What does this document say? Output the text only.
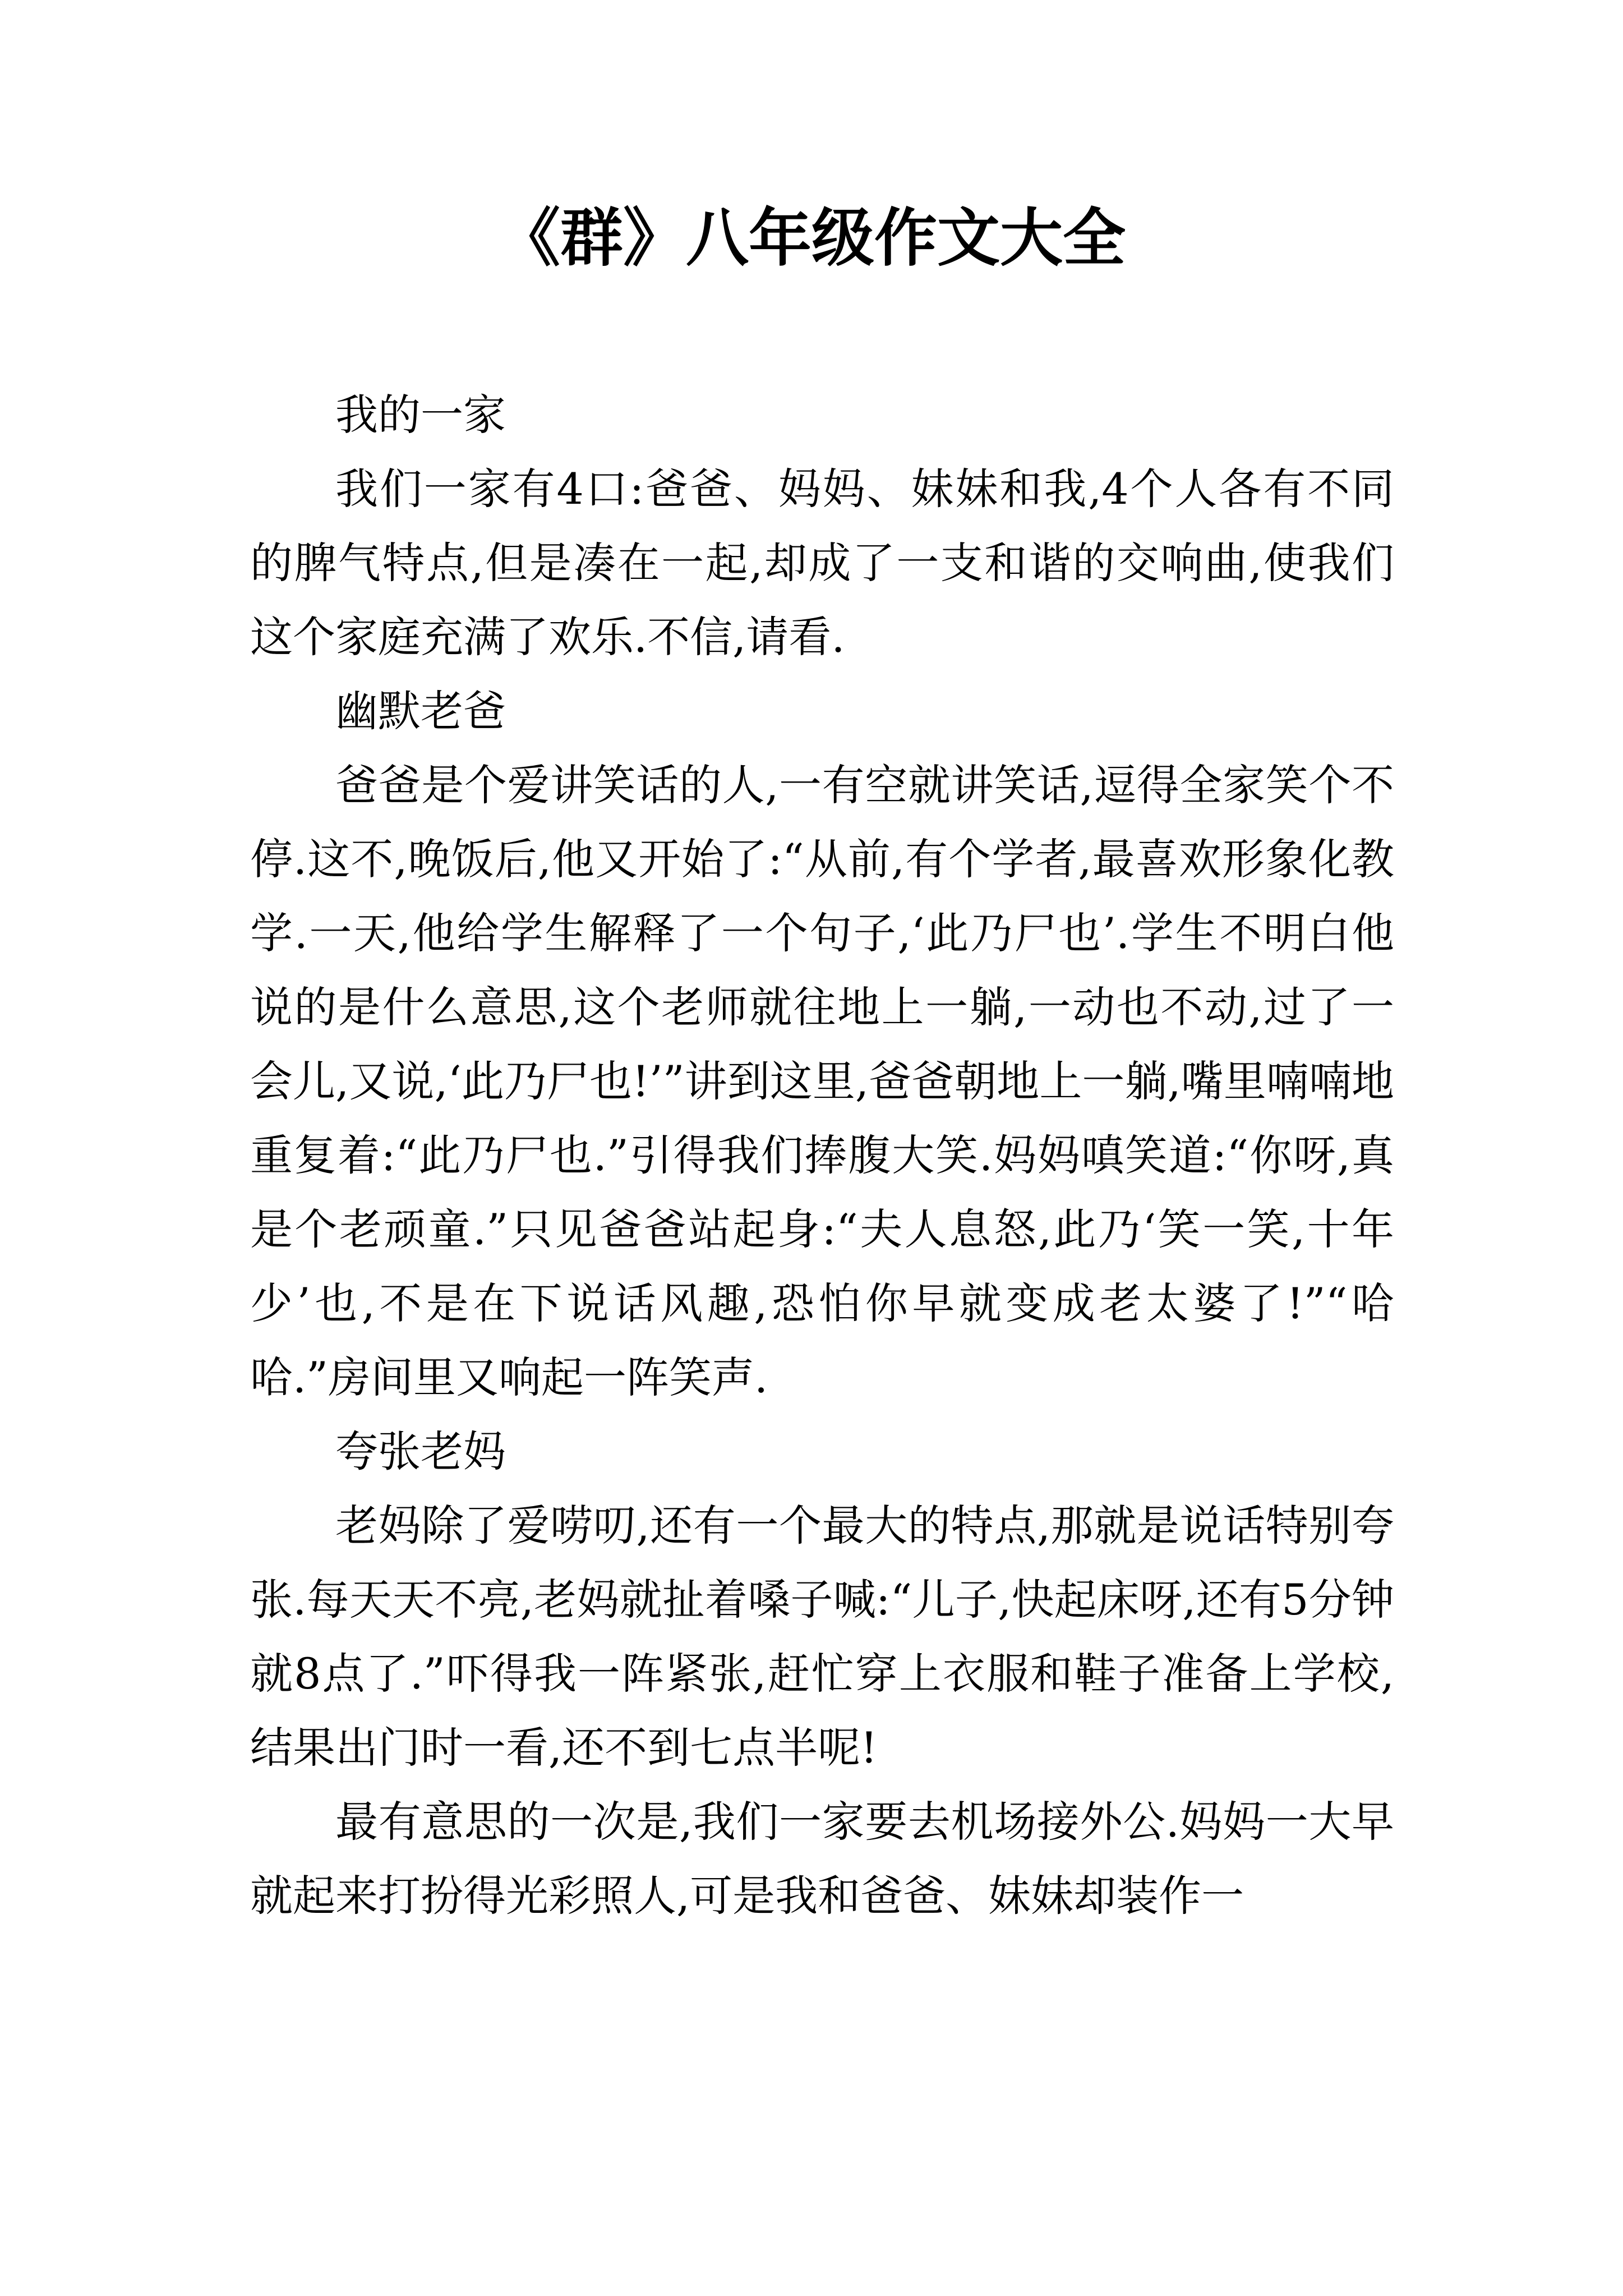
《群》八年级作文大全

我的一家

我们一家有4口:爸爸、妈妈、妹妹和我,4个人各有不同的脾气特点,但是凑在一起,却成了一支和谐的交响曲,使我们这个家庭充满了欢乐.不信,请看.

幽默老爸

爸爸是个爱讲笑话的人,一有空就讲笑话,逗得全家笑个不停.这不,晚饭后,他又开始了:“从前,有个学者,最喜欢形象化教学.一天,他给学生解释了一个句子,‘此乃尸也’.学生不明白他说的是什么意思,这个老师就往地上一躺,一动也不动,过了一会儿,又说,‘此乃尸也!’”讲到这里,爸爸朝地上一躺,嘴里喃喃地重复着:“此乃尸也.”引得我们捧腹大笑.妈妈嗔笑道:“你呀,真是个老顽童.”只见爸爸站起身:“夫人息怒,此乃‘笑一笑,十年少’也,不是在下说话风趣,恐怕你早就变成老太婆了!”“哈哈.”房间里又响起一阵笑声.

夸张老妈

老妈除了爱唠叨,还有一个最大的特点,那就是说话特别夸张.每天天不亮,老妈就扯着嗓子喊:“儿子,快起床呀,还有5分钟就8点了.”吓得我一阵紧张,赶忙穿上衣服和鞋子准备上学校,结果出门时一看,还不到七点半呢!

最有意思的一次是,我们一家要去机场接外公.妈妈一大早就起来打扮得光彩照人,可是我和爸爸、妹妹却装作一
